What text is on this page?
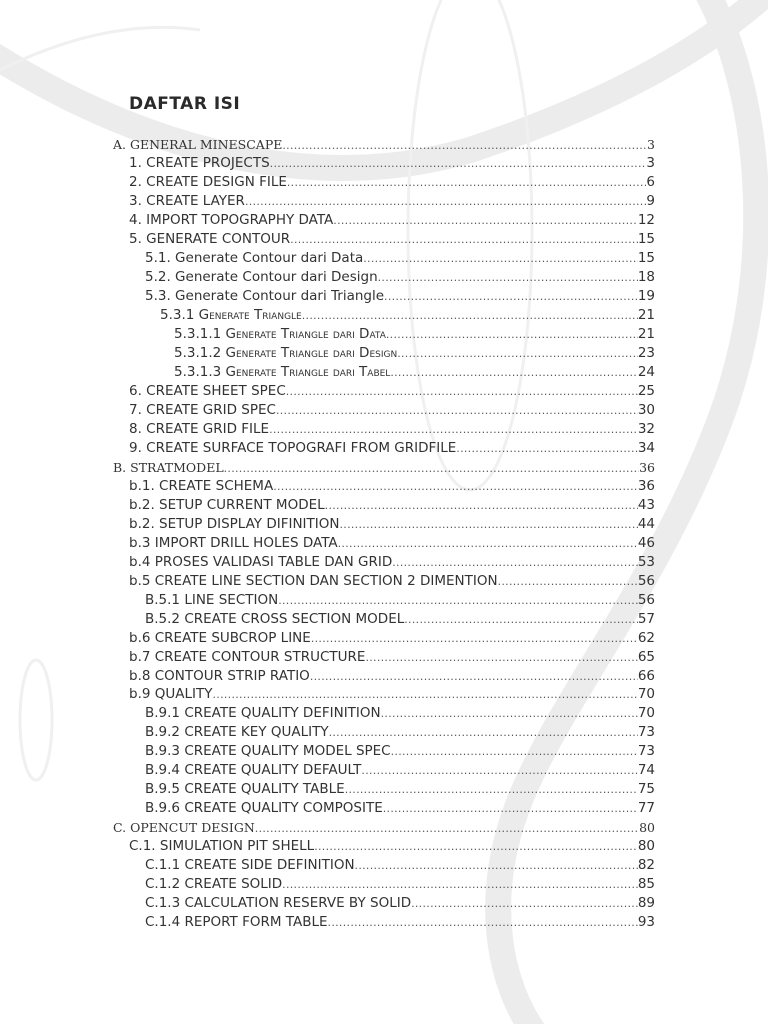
DAFTAR ISI
A. GENERAL MINESCAPE .....	3
1. CREATE PROJECTS .....	3
2. CREATE DESIGN FILE .....	6
3. CREATE LAYER .....	9
4. IMPORT TOPOGRAPHY DATA .....	12
5. GENERATE CONTOUR .....	15
5.1. Generate Contour dari Data .....	15
5.2. Generate Contour dari Design .....	18
5.3. Generate Contour dari Triangle .....	19
5.3.1 Generate Triangle .....	21
5.3.1.1 Generate Triangle dari Data .....	21
5.3.1.2 Generate Triangle dari Design .....	23
5.3.1.3 Generate Triangle dari Tabel .....	24
6. CREATE SHEET SPEC .....	25
7. CREATE GRID SPEC .....	30
8. CREATE GRID FILE .....	32
9. CREATE SURFACE TOPOGRAFI FROM GRIDFILE .....	34
B. STRATMODEL .....	36
b.1. CREATE SCHEMA .....	36
b.2. SETUP CURRENT MODEL .....	43
b.2. SETUP DISPLAY DIFINITION .....	44
b.3 IMPORT DRILL HOLES DATA .....	46
b.4 PROSES VALIDASI TABLE DAN GRID .....	53
b.5 CREATE LINE SECTION DAN SECTION 2 DIMENTION .....	56
B.5.1 LINE SECTION .....	56
B.5.2 CREATE CROSS SECTION MODEL .....	57
b.6 CREATE SUBCROP LINE .....	62
b.7 CREATE CONTOUR STRUCTURE .....	65
b.8 CONTOUR STRIP RATIO .....	66
b.9 QUALITY .....	70
B.9.1 CREATE QUALITY DEFINITION .....	70
B.9.2 CREATE KEY QUALITY .....	73
B.9.3 CREATE QUALITY MODEL SPEC .....	73
B.9.4 CREATE QUALITY DEFAULT .....	74
B.9.5 CREATE QUALITY TABLE .....	75
B.9.6 CREATE QUALITY COMPOSITE .....	77
C. OPENCUT DESIGN .....	80
C.1. SIMULATION PIT SHELL .....	80
C.1.1 CREATE SIDE DEFINITION .....	82
C.1.2 CREATE SOLID .....	85
C.1.3 CALCULATION RESERVE BY SOLID .....	89
C.1.4 REPORT FORM TABLE .....	93
